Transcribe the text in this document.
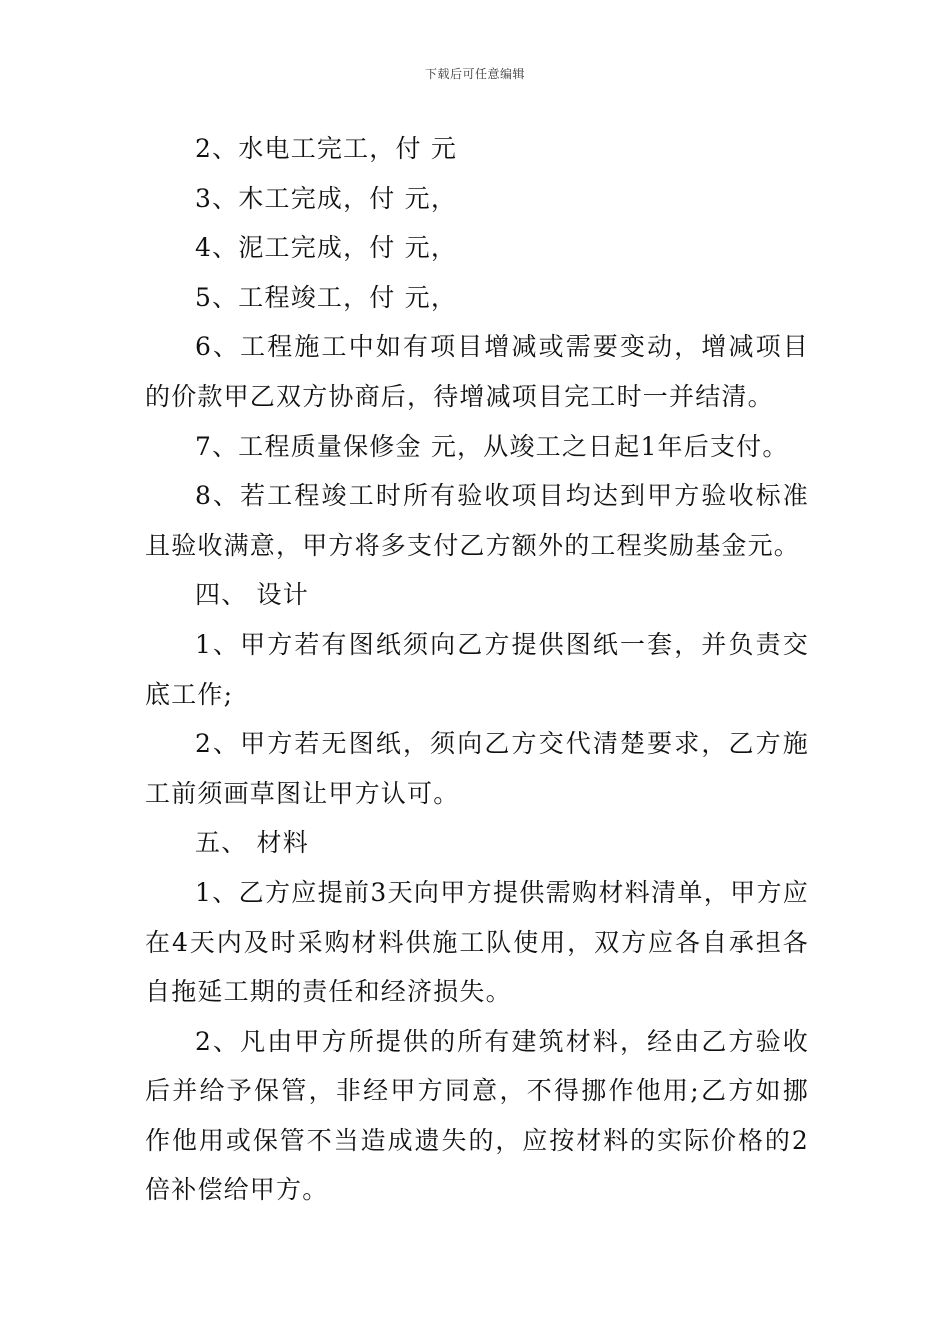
下载后可任意编辑

2、水电工完工，付 元

3、木工完成，付 元，

4、泥工完成，付 元，

5、工程竣工，付 元，

6、工程施工中如有项目增减或需要变动，增减项目的价款甲乙双方协商后，待增减项目完工时一并结清。

7、工程质量保修金 元，从竣工之日起1年后支付。

8、若工程竣工时所有验收项目均达到甲方验收标准且验收满意，甲方将多支付乙方额外的工程奖励基金元。

四、 设计

1、甲方若有图纸须向乙方提供图纸一套，并负责交底工作;

2、甲方若无图纸，须向乙方交代清楚要求，乙方施工前须画草图让甲方认可。

五、 材料

1、乙方应提前3天向甲方提供需购材料清单，甲方应在4天内及时采购材料供施工队使用，双方应各自承担各自拖延工期的责任和经济损失。

2、凡由甲方所提供的所有建筑材料，经由乙方验收后并给予保管，非经甲方同意，不得挪作他用;乙方如挪作他用或保管不当造成遗失的，应按材料的实际价格的2倍补偿给甲方。
